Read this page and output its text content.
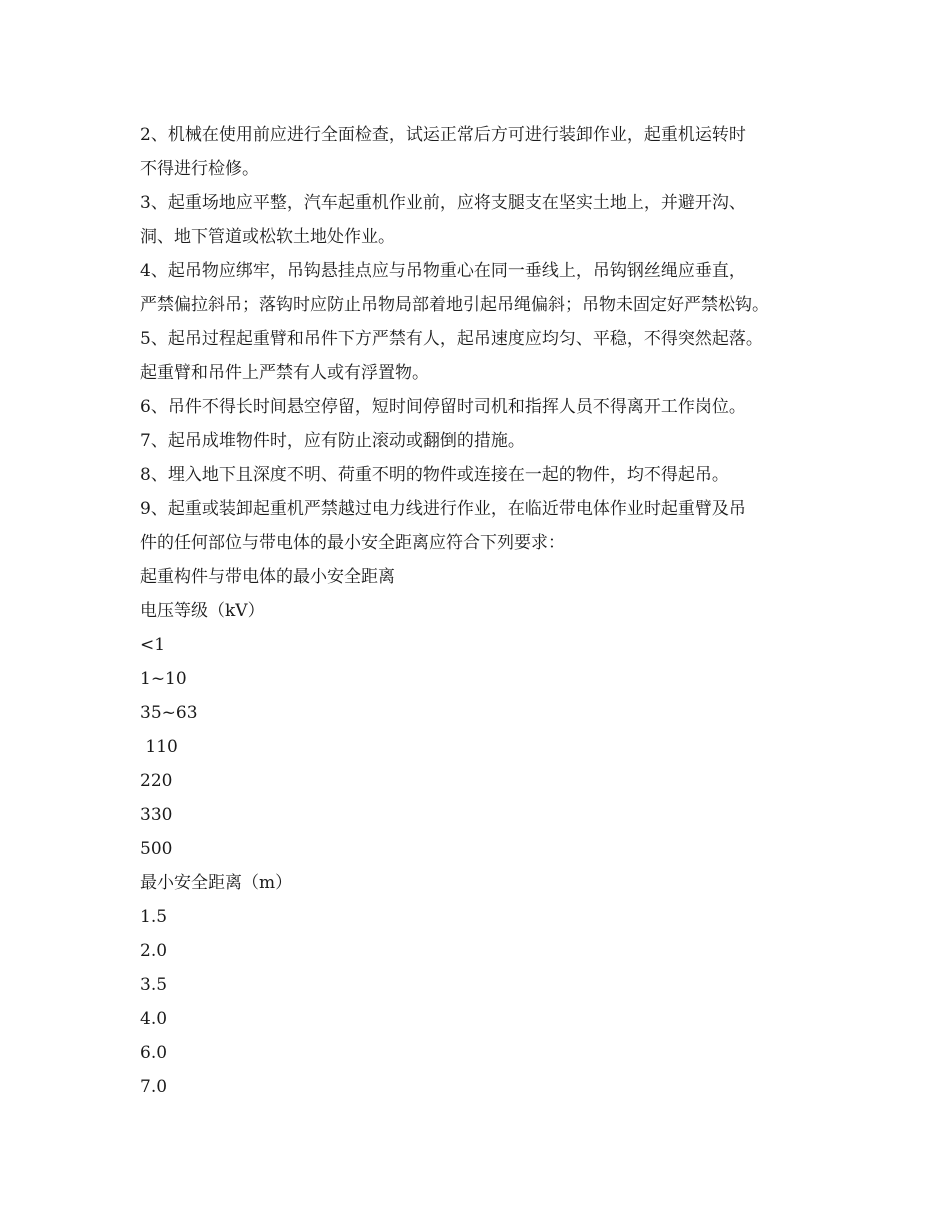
2、机械在使用前应进行全面检查，试运正常后方可进行装卸作业，起重机运转时
不得进行检修。
3、起重场地应平整，汽车起重机作业前，应将支腿支在坚实土地上，并避开沟、
洞、地下管道或松软土地处作业。
4、起吊物应绑牢，吊钩悬挂点应与吊物重心在同一垂线上，吊钩钢丝绳应垂直，
严禁偏拉斜吊；落钩时应防止吊物局部着地引起吊绳偏斜；吊物未固定好严禁松钩。
5、起吊过程起重臂和吊件下方严禁有人，起吊速度应均匀、平稳，不得突然起落。
起重臂和吊件上严禁有人或有浮置物。
6、吊件不得长时间悬空停留，短时间停留时司机和指挥人员不得离开工作岗位。
7、起吊成堆物件时，应有防止滚动或翻倒的措施。
8、埋入地下且深度不明、荷重不明的物件或连接在一起的物件，均不得起吊。
9、起重或装卸起重机严禁越过电力线进行作业，在临近带电体作业时起重臂及吊
件的任何部位与带电体的最小安全距离应符合下列要求：
起重构件与带电体的最小安全距离
电压等级（kV）
<1
1~10
35~63
110
220
330
500
最小安全距离（m）
1.5
2.0
3.5
4.0
6.0
7.0
